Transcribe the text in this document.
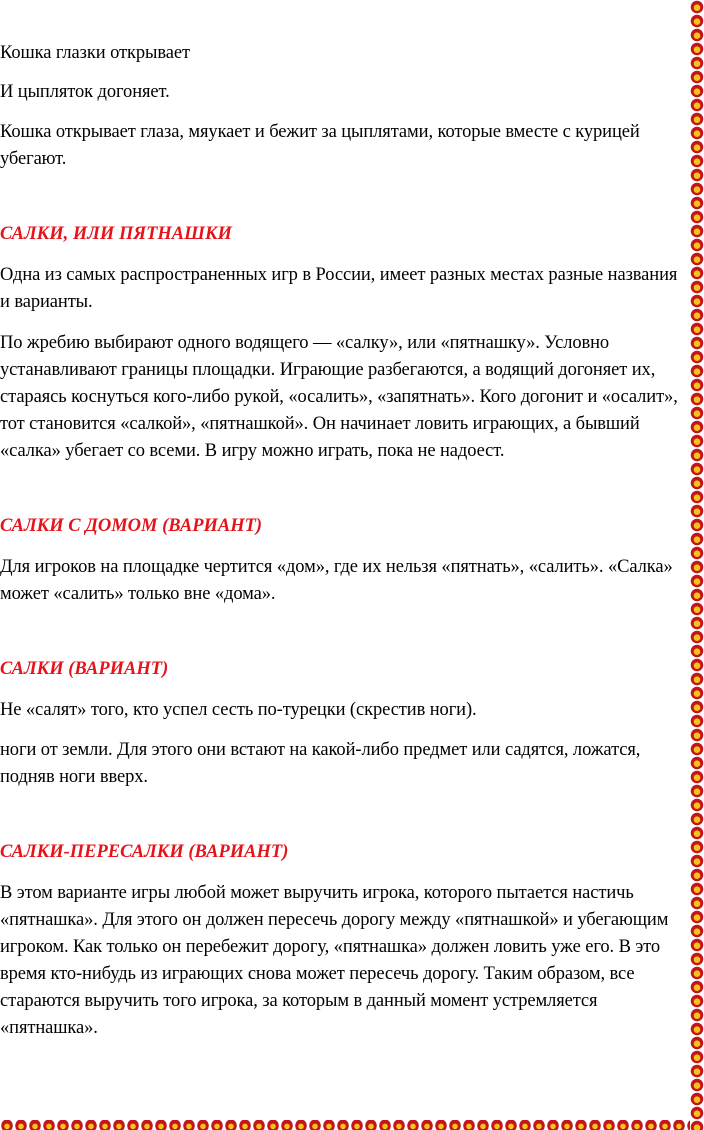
Кошка глазки открывает

И цыпляток догоняет.

Кошка открывает глаза, мяукает и бежит за цыплятами, которые вместе с курицей убегают.

САЛКИ, ИЛИ ПЯТНАШКИ

Одна из самых распространенных игр в России, имеет разных местах разные названия и варианты.

По жребию выбирают одного водящего — «салку», или «пятнашку». Условно устанавливают границы площадки. Играющие разбегаются, а водящий догоняет их, стараясь коснуться кого-либо рукой, «осалить», «запятнать». Кого догонит и «осалит», тот становится «салкой», «пятнашкой». Он начинает ловить играющих, а бывший «салка» убегает со всеми. В игру можно играть, пока не надоест.

САЛКИ С ДОМОМ (ВАРИАНТ)

Для игроков на площадке чертится «дом», где их нельзя «пятнать», «салить». «Салка» может «салить» только вне «дома».

САЛКИ (ВАРИАНТ)

Не «салят» того, кто успел сесть по-турецки (скрестив ноги).

ноги от земли. Для этого они встают на какой-либо предмет или садятся, ложатся, подняв ноги вверх.

САЛКИ-ПЕРЕСАЛКИ (ВАРИАНТ)

В этом варианте игры любой может выручить игрока, которого пытается настичь «пятнашка». Для этого он должен пересечь дорогу между «пятнашкой» и убегающим игроком. Как только он перебежит дорогу, «пятнашка» должен ловить уже его. В это время кто-нибудь из играющих снова может пересечь дорогу. Таким образом, все стараются выручить того игрока, за которым в данный момент устремляется «пятнашка».
